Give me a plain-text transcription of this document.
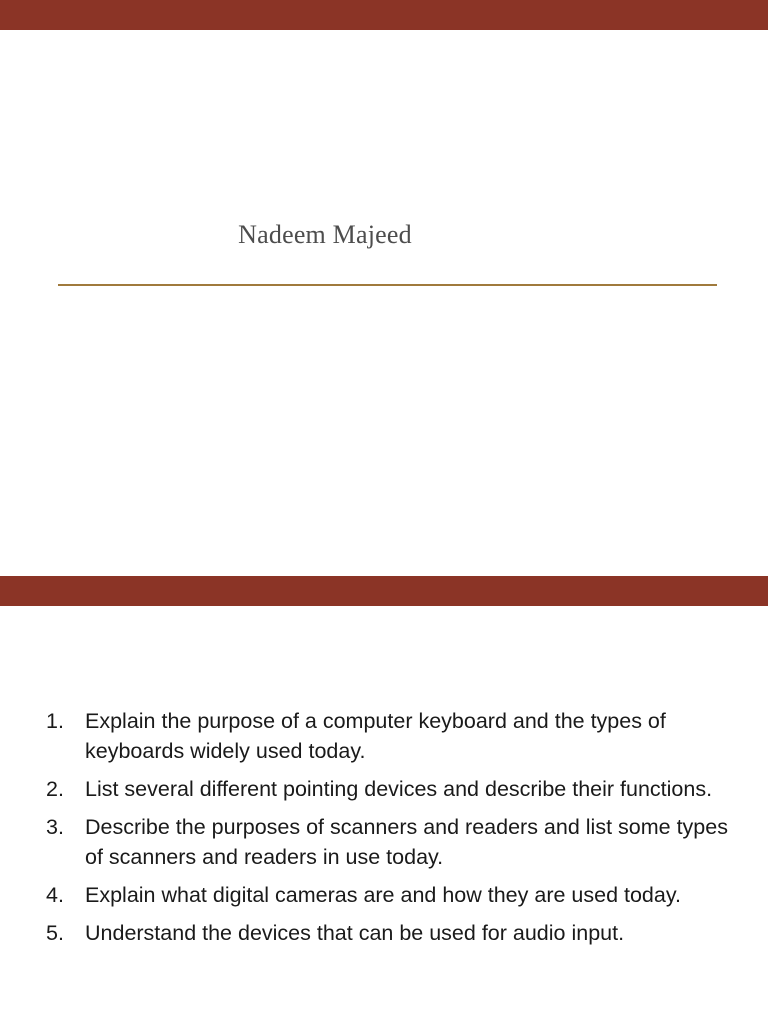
Nadeem Majeed
1. Explain the purpose of a computer keyboard and the types of keyboards widely used today.
2. List several different pointing devices and describe their functions.
3. Describe the purposes of scanners and readers and list some types of scanners and readers in use today.
4. Explain what digital cameras are and how they are used today.
5. Understand the devices that can be used for audio input.
